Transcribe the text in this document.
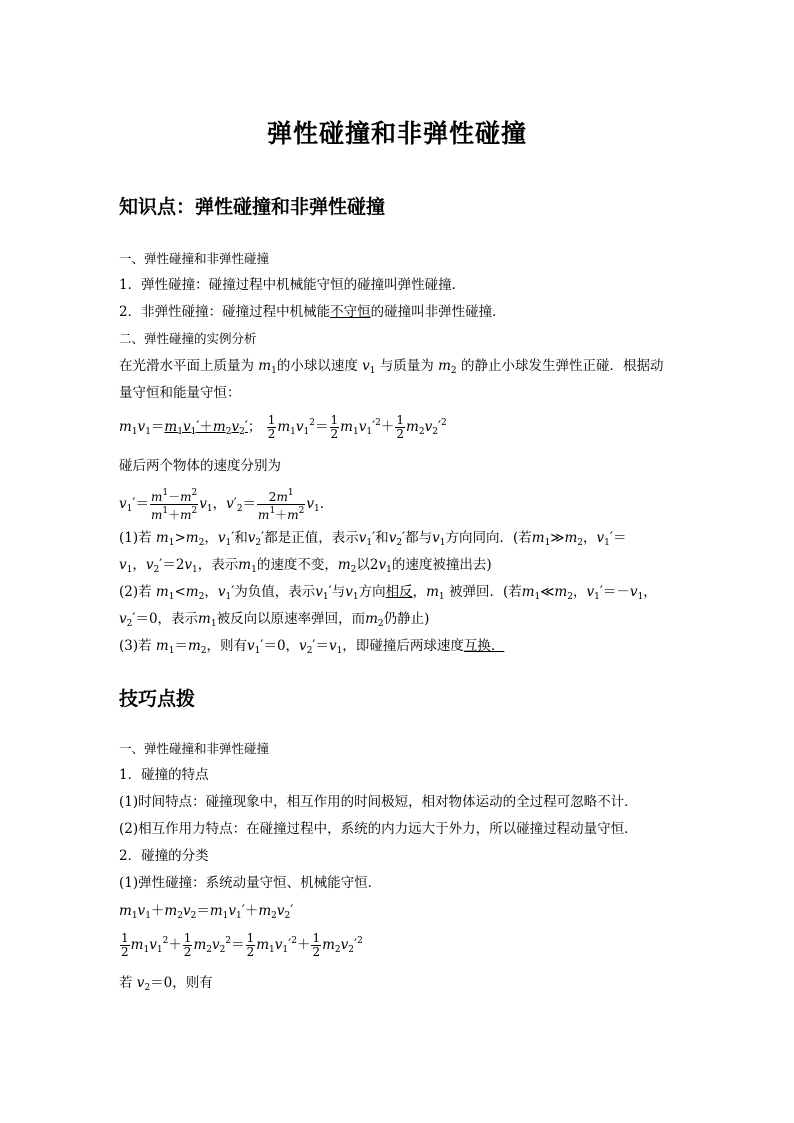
弹性碰撞和非弹性碰撞
知识点：弹性碰撞和非弹性碰撞
一、弹性碰撞和非弹性碰撞
1．弹性碰撞：碰撞过程中机械能守恒的碰撞叫弹性碰撞．
2．非弹性碰撞：碰撞过程中机械能不守恒的碰撞叫非弹性碰撞．
二、弹性碰撞的实例分析
在光滑水平面上质量为 $m_1$的小球以速度 $v_1$ 与质量为 $m_2$ 的静止小球发生弹性正碰．根据动
量守恒和能量守恒：
$m_1v_1=m_1v_1'+m_2v_2'$； $\frac{1}{2} m_1v_1^2= \frac{1}{2} m_1v_1'^2+ \frac{1}{2} m_2v_2'^2$
碰后两个物体的速度分别为
$v_1'= \frac{m^1-m^2}{m^1+m^2} v_1$，$v'_2= \frac{2m^1}{m^1+m^2} v_1$.
(1)若 $m_1>m_2$，$v_1'$和$v_2'$都是正值，表示$v_1'$和$v_2'$都与$v_1$方向同向．(若$m_1≫m_2$，$v_1'=$
$v_1$，$v_2'=2v_1$，表示$m_1$的速度不变，$m_2$以$2v_1$的速度被撞出去)
(2)若 $m_1<m_2$，$v_1'$为负值，表示$v_1'$与$v_1$方向相反，$m_1$ 被弹回．(若$m_1≪m_2$，$v_1'=-v_1$，
$v_2'=0$，表示$m_1$被反向以原速率弹回，而$m_2$仍静止)
(3)若 $m_1=m_2$，则有$v_1'=0$，$v_2'=v_1$，即碰撞后两球速度互换．
技巧点拨
一、弹性碰撞和非弹性碰撞
1．碰撞的特点
(1)时间特点：碰撞现象中，相互作用的时间极短，相对物体运动的全过程可忽略不计．
(2)相互作用力特点：在碰撞过程中，系统的内力远大于外力，所以碰撞过程动量守恒．
2．碰撞的分类
(1)弹性碰撞：系统动量守恒、机械能守恒．
$m_1v_1+m_2v_2=m_1v_1'+m_2v_2'$
$\frac{1}{2} m_1v_1^2+ \frac{1}{2} m_2v_2^2= \frac{1}{2} m_1v_1'^2+ \frac{1}{2} m_2v_2'^2$
若 $v_2=0$，则有
